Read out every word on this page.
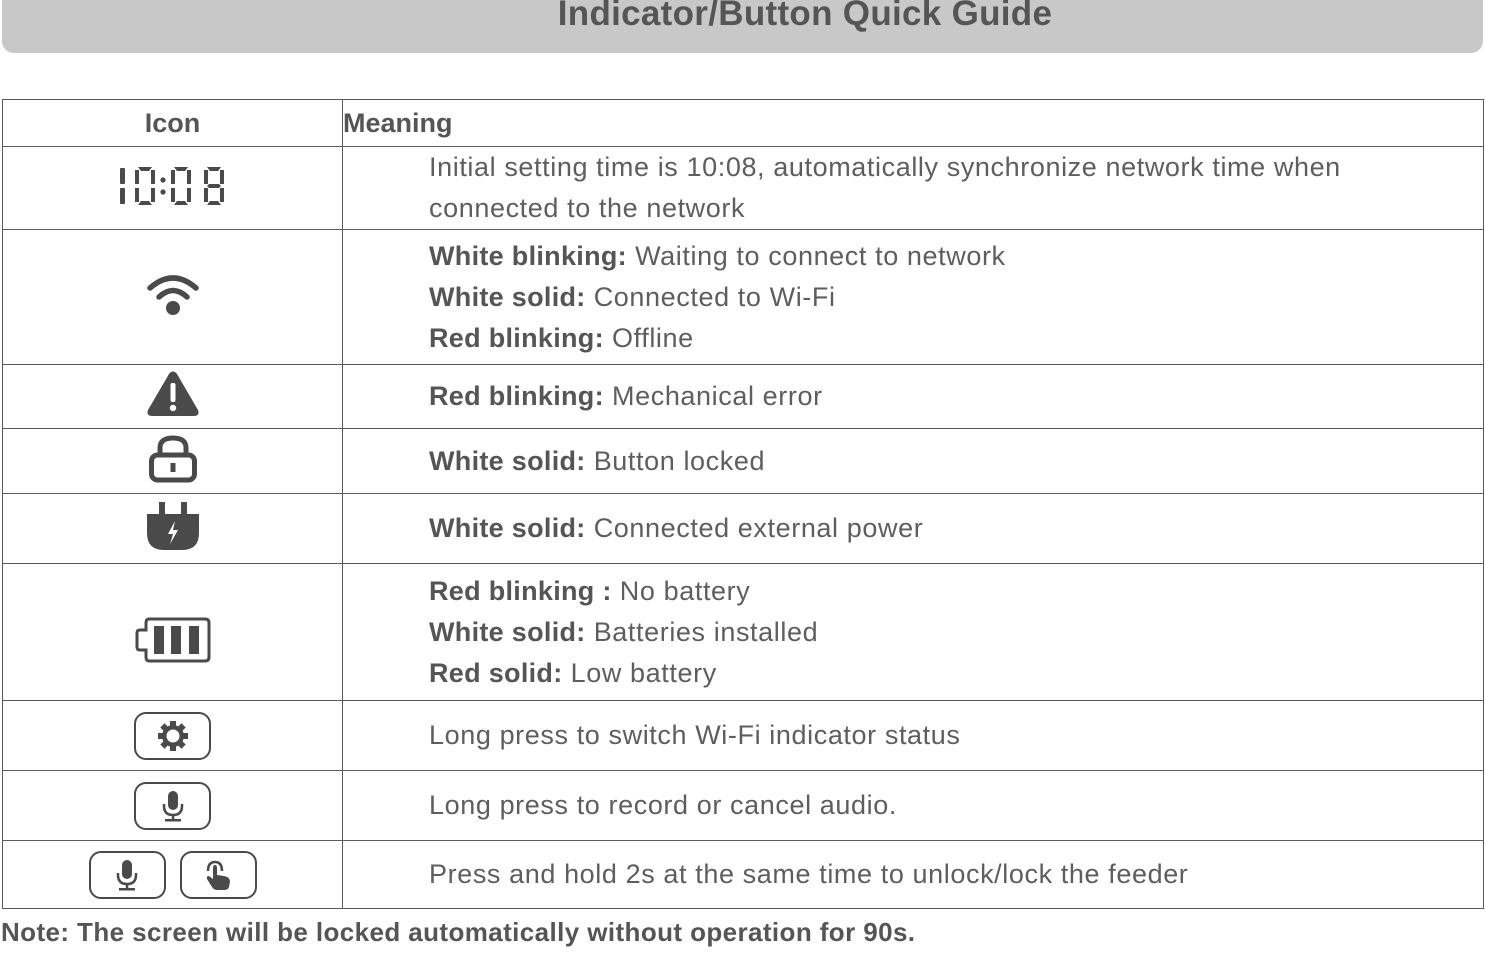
Indicator/Button Quick Guide
Icon	Meaning

Initial setting time is 10:08, automatically synchronize network time when connected to the network

White blinking: Waiting to connect to network
White solid: Connected to Wi-Fi
Red blinking: Offline

Red blinking: Mechanical error

White solid: Button locked

White solid: Connected external power

Red blinking : No battery
White solid: Batteries installed
Red solid: Low battery

Long press to switch Wi-Fi indicator status

Long press to record or cancel audio.

Press and hold 2s at the same time to unlock/lock the feeder
Note: The screen will be locked automatically without operation for 90s.
